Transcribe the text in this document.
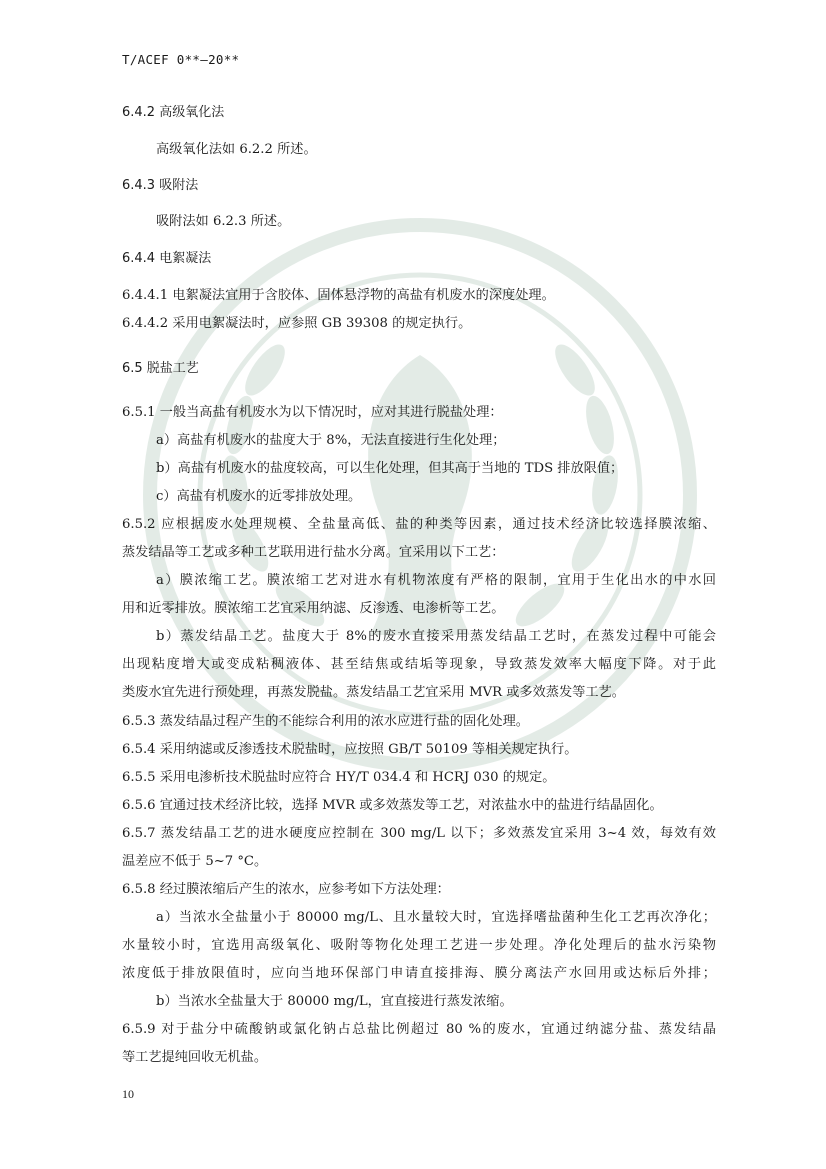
T/ACEF 0**—20**
6.4.2 高级氧化法
高级氧化法如 6.2.2 所述。
6.4.3 吸附法
吸附法如 6.2.3 所述。
6.4.4 电絮凝法
6.4.4.1 电絮凝法宜用于含胶体、固体悬浮物的高盐有机废水的深度处理。
6.4.4.2 采用电絮凝法时，应参照 GB 39308 的规定执行。
6.5 脱盐工艺
6.5.1 一般当高盐有机废水为以下情况时，应对其进行脱盐处理：
a）高盐有机废水的盐度大于 8%，无法直接进行生化处理；
b）高盐有机废水的盐度较高，可以生化处理，但其高于当地的 TDS 排放限值；
c）高盐有机废水的近零排放处理。
6.5.2 应根据废水处理规模、全盐量高低、盐的种类等因素，通过技术经济比较选择膜浓缩、
蒸发结晶等工艺或多种工艺联用进行盐水分离。宜采用以下工艺：
a）膜浓缩工艺。膜浓缩工艺对进水有机物浓度有严格的限制，宜用于生化出水的中水回
用和近零排放。膜浓缩工艺宜采用纳滤、反渗透、电渗析等工艺。
b）蒸发结晶工艺。盐度大于 8%的废水直接采用蒸发结晶工艺时，在蒸发过程中可能会
出现粘度增大或变成粘稠液体、甚至结焦或结垢等现象，导致蒸发效率大幅度下降。对于此
类废水宜先进行预处理，再蒸发脱盐。蒸发结晶工艺宜采用 MVR 或多效蒸发等工艺。
6.5.3 蒸发结晶过程产生的不能综合利用的浓水应进行盐的固化处理。
6.5.4 采用纳滤或反渗透技术脱盐时，应按照 GB/T 50109 等相关规定执行。
6.5.5 采用电渗析技术脱盐时应符合 HY/T 034.4 和 HCRJ 030 的规定。
6.5.6 宜通过技术经济比较，选择 MVR 或多效蒸发等工艺，对浓盐水中的盐进行结晶固化。
6.5.7 蒸发结晶工艺的进水硬度应控制在 300 mg/L 以下；多效蒸发宜采用 3~4 效，每效有效
温差应不低于 5~7 °C。
6.5.8 经过膜浓缩后产生的浓水，应参考如下方法处理：
a）当浓水全盐量小于 80000 mg/L、且水量较大时，宜选择嗜盐菌种生化工艺再次净化；
水量较小时，宜选用高级氧化、吸附等物化处理工艺进一步处理。净化处理后的盐水污染物
浓度低于排放限值时，应向当地环保部门申请直接排海、膜分离法产水回用或达标后外排；
b）当浓水全盐量大于 80000 mg/L，宜直接进行蒸发浓缩。
6.5.9 对于盐分中硫酸钠或氯化钠占总盐比例超过 80 %的废水，宜通过纳滤分盐、蒸发结晶
等工艺提纯回收无机盐。
10
